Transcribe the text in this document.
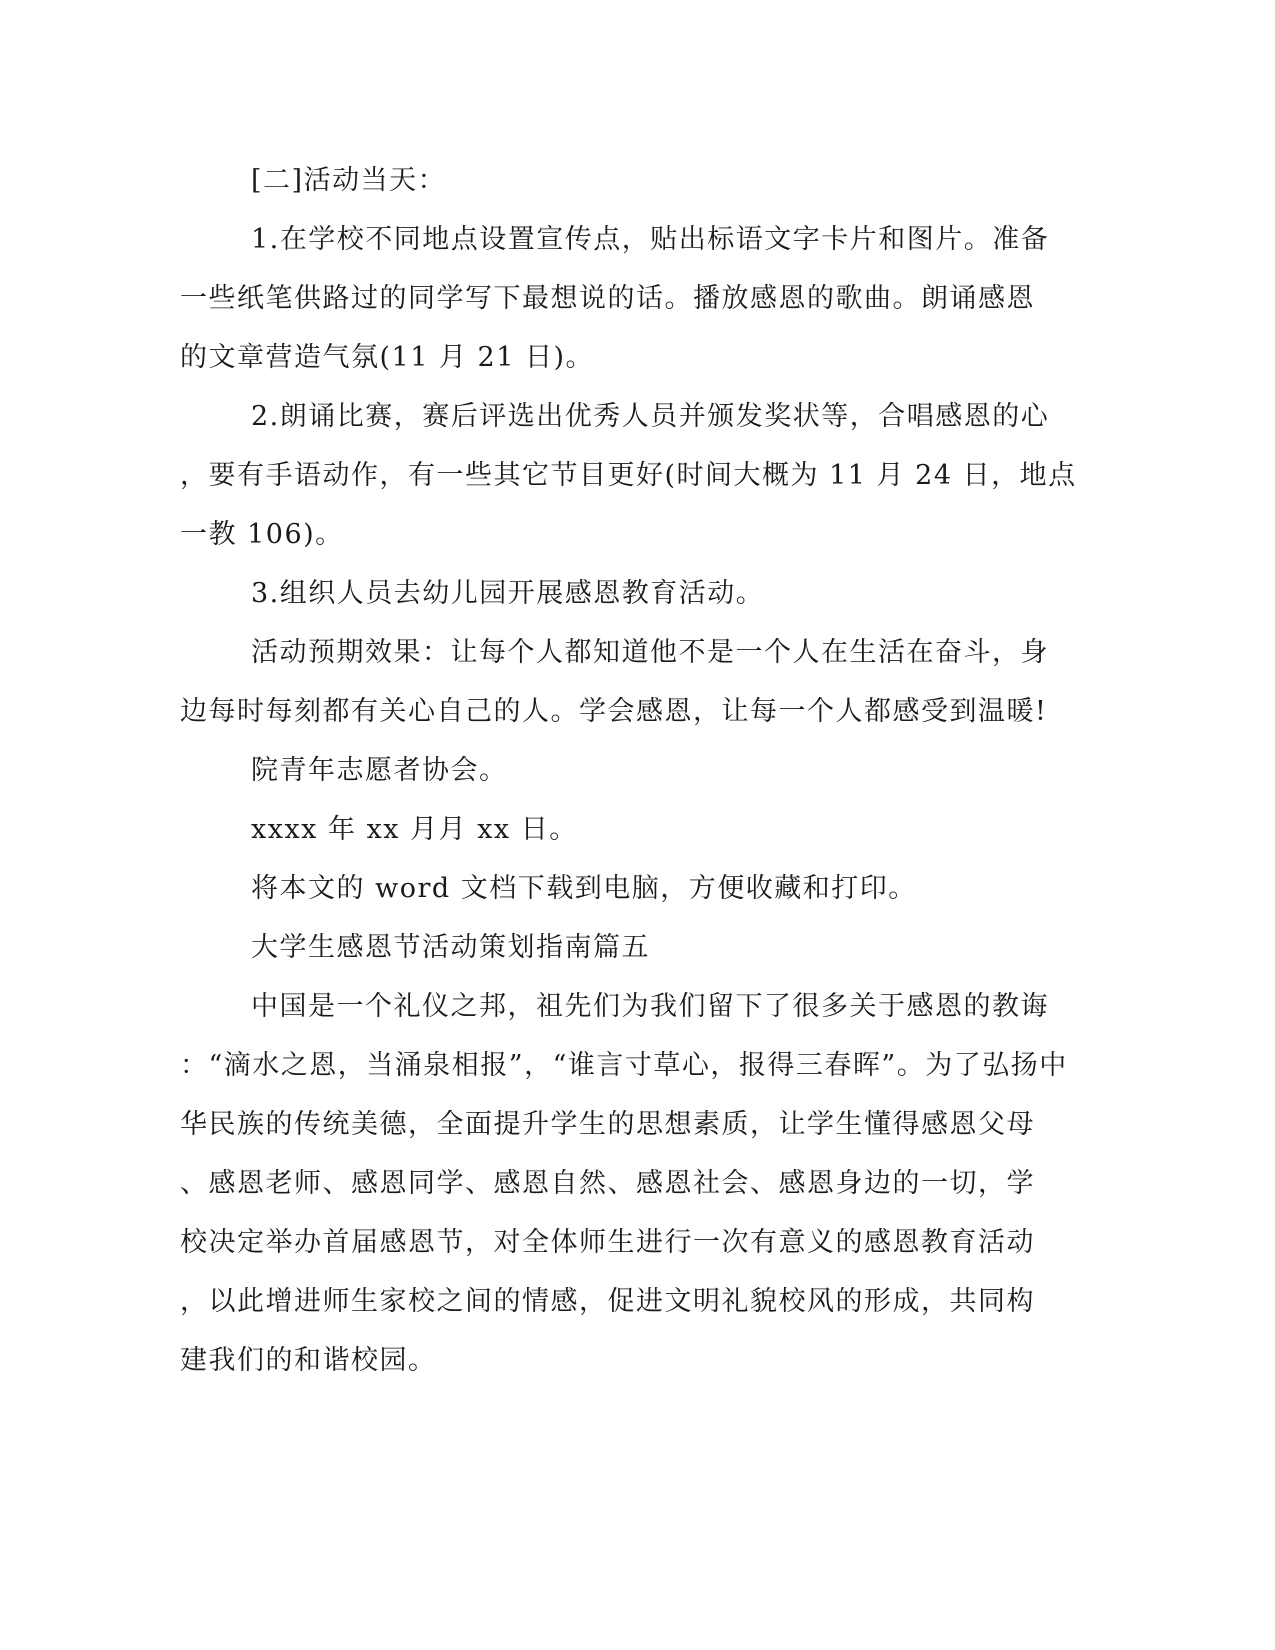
[二]活动当天：
1.在学校不同地点设置宣传点，贴出标语文字卡片和图片。准备
一些纸笔供路过的同学写下最想说的话。播放感恩的歌曲。朗诵感恩
的文章营造气氛(11 月 21 日)。
2.朗诵比赛，赛后评选出优秀人员并颁发奖状等，合唱感恩的心
，要有手语动作，有一些其它节目更好(时间大概为 11 月 24 日，地点
一教 106)。
3.组织人员去幼儿园开展感恩教育活动。
活动预期效果：让每个人都知道他不是一个人在生活在奋斗，身
边每时每刻都有关心自己的人。学会感恩，让每一个人都感受到温暖!
院青年志愿者协会。
xxxx 年 xx 月月 xx 日。
将本文的 word 文档下载到电脑，方便收藏和打印。
大学生感恩节活动策划指南篇五
中国是一个礼仪之邦，祖先们为我们留下了很多关于感恩的教诲
：“滴水之恩，当涌泉相报”，“谁言寸草心，报得三春晖”。为了弘扬中
华民族的传统美德，全面提升学生的思想素质，让学生懂得感恩父母
、感恩老师、感恩同学、感恩自然、感恩社会、感恩身边的一切，学
校决定举办首届感恩节，对全体师生进行一次有意义的感恩教育活动
，以此增进师生家校之间的情感，促进文明礼貌校风的形成，共同构
建我们的和谐校园。
